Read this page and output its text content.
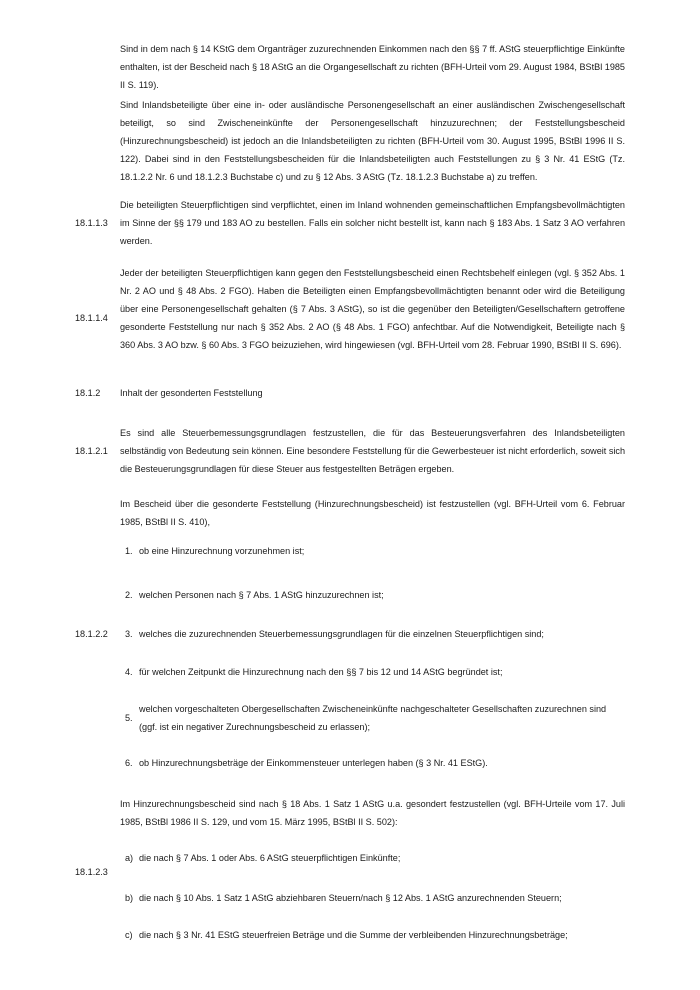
Sind in dem nach § 14 KStG dem Organträger zuzurechnenden Einkommen nach den §§ 7 ff. AStG steuerpflichtige Einkünfte enthalten, ist der Bescheid nach § 18 AStG an die Organgesellschaft zu richten (BFH-Urteil vom 29. August 1984, BStBl 1985 II S. 119).

Sind Inlandsbeteiligte über eine in- oder ausländische Personengesellschaft an einer ausländischen Zwischengesellschaft beteiligt, so sind Zwischeneinkünfte der Personengesellschaft hinzuzurechnen; der Feststellungsbescheid (Hinzurechnungsbescheid) ist jedoch an die Inlandsbeteiligten zu richten (BFH-Urteil vom 30. August 1995, BStBl 1996 II S. 122). Dabei sind in den Feststellungsbescheiden für die Inlandsbeteiligten auch Feststellungen zu § 3 Nr. 41 EStG (Tz. 18.1.2.2 Nr. 6 und 18.1.2.3 Buchstabe c) und zu § 12 Abs. 3 AStG (Tz. 18.1.2.3 Buchstabe a) zu treffen.

18.1.1.3

Die beteiligten Steuerpflichtigen sind verpflichtet, einen im Inland wohnenden gemeinschaftlichen Empfangsbevollmächtigten im Sinne der §§ 179 und 183 AO zu bestellen. Falls ein solcher nicht bestellt ist, kann nach § 183 Abs. 1 Satz 3 AO verfahren werden.

18.1.1.4

Jeder der beteiligten Steuerpflichtigen kann gegen den Feststellungsbescheid einen Rechtsbehelf einlegen (vgl. § 352 Abs. 1 Nr. 2 AO und § 48 Abs. 2 FGO). Haben die Beteiligten einen Empfangsbevollmächtigten benannt oder wird die Beteiligung über eine Personengesellschaft gehalten (§ 7 Abs. 3 AStG), so ist die gegenüber den Beteiligten/Gesellschaftern getroffene gesonderte Feststellung nur nach § 352 Abs. 2 AO (§ 48 Abs. 1 FGO) anfechtbar. Auf die Notwendigkeit, Beteiligte nach § 360 Abs. 3 AO bzw. § 60 Abs. 3 FGO beizuziehen, wird hingewiesen (vgl. BFH-Urteil vom 28. Februar 1990, BStBl II S. 696).

18.1.2 Inhalt der gesonderten Feststellung
18.1.2.1

Es sind alle Steuerbemessungsgrundlagen festzustellen, die für das Besteuerungsverfahren des Inlandsbeteiligten selbständig von Bedeutung sein können. Eine besondere Feststellung für die Gewerbesteuer ist nicht erforderlich, soweit sich die Besteuerungsgrundlagen für diese Steuer aus festgestellten Beträgen ergeben.

18.1.2.2

Im Bescheid über die gesonderte Feststellung (Hinzurechnungsbescheid) ist festzustellen (vgl. BFH-Urteil vom 6. Februar 1985, BStBl II S. 410),

1. ob eine Hinzurechnung vorzunehmen ist;
2. welchen Personen nach § 7 Abs. 1 AStG hinzuzurechnen ist;
3. welches die zuzurechnenden Steuerbemessungsgrundlagen für die einzelnen Steuerpflichtigen sind;
4. für welchen Zeitpunkt die Hinzurechnung nach den §§ 7 bis 12 und 14 AStG begründet ist;
5.
welchen vorgeschalteten Obergesellschaften Zwischeneinkünfte nachgeschalteter Gesellschaften zuzurechnen sind (ggf. ist ein negativer Zurechnungsbescheid zu erlassen);
6. ob Hinzurechnungsbeträge der Einkommensteuer unterlegen haben (§ 3 Nr. 41 EStG).
18.1.2.3

Im Hinzurechnungsbescheid sind nach § 18 Abs. 1 Satz 1 AStG u.a. gesondert festzustellen (vgl. BFH-Urteile vom 17. Juli 1985, BStBl 1986 II S. 129, und vom 15. März 1995, BStBl II S. 502):

a) die nach § 7 Abs. 1 oder Abs. 6 AStG steuerpflichtigen Einkünfte;
b) die nach § 10 Abs. 1 Satz 1 AStG abziehbaren Steuern/nach § 12 Abs. 1 AStG anzurechnenden Steuern;
c) die nach § 3 Nr. 41 EStG steuerfreien Beträge und die Summe der verbleibenden Hinzurechnungsbeträge;
